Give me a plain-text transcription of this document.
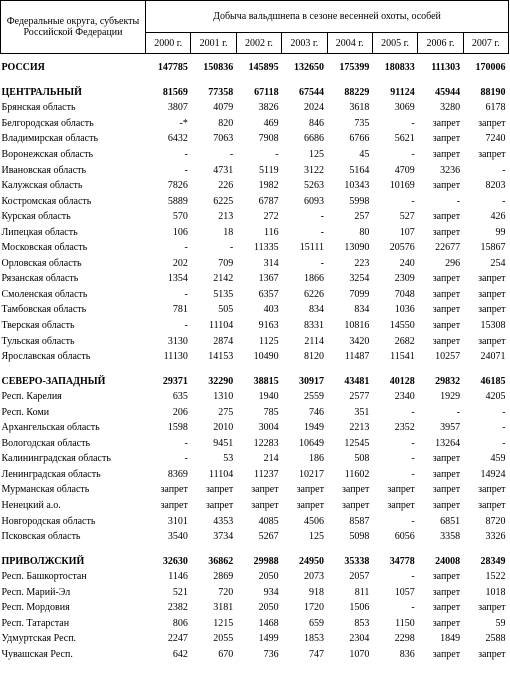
Федеральные округа, субъекты Российской Федерации	Добыча вальдшнепа в сезоне весенней охоты, особей							
	2000 г.	2001 г.	2002 г.	2003 г.	2004 г.	2005 г.	2006 г.	2007 г.

РОССИЯ	147785	150836	145895	132650	175399	180833	111303	170006

ЦЕНТРАЛЬНЫЙ	81569	77358	67118	67544	88229	91124	45944	88190
Брянская область	3807	4079	3826	2024	3618	3069	3280	6178
Белгородская область	-*	820	469	846	735	-	запрет	запрет
Владимирская область	6432	7063	7908	6686	6766	5621	запрет	7240
Воронежская область	-	-	-	125	45	-	запрет	запрет
Ивановская область	-	4731	5119	3122	5164	4709	3236	-
Калужская область	7826	226	1982	5263	10343	10169	запрет	8203
Костромская область	5889	6225	6787	6093	5998	-	-	-
Курская область	570	213	272	-	257	527	запрет	426
Липецкая область	106	18	116	-	80	107	запрет	99
Московская область	-	-	11335	15111	13090	20576	22677	15867
Орловская область	202	709	314	-	223	240	296	254
Рязанская область	1354	2142	1367	1866	3254	2309	запрет	запрет
Смоленская область	-	5135	6357	6226	7099	7048	запрет	запрет
Тамбовская область	781	505	403	834	834	1036	запрет	запрет
Тверская область	-	11104	9163	8331	10816	14550	запрет	15308
Тульская область	3130	2874	1125	2114	3420	2682	запрет	запрет
Ярославская область	11130	14153	10490	8120	11487	11541	10257	24071

СЕВЕРО-ЗАПАДНЫЙ	29371	32290	38815	30917	43481	40128	29832	46185
Респ. Карелия	635	1310	1940	2559	2577	2340	1929	4205
Респ. Коми	206	275	785	746	351	-	-	-
Архангельская область	1598	2010	3004	1949	2213	2352	3957	-
Вологодская область	-	9451	12283	10649	12545	-	13264	-
Калининградская область	-	53	214	186	508	-	запрет	459
Ленинградская область	8369	11104	11237	10217	11602	-	запрет	14924
Мурманская область	запрет	запрет	запрет	запрет	запрет	запрет	запрет	запрет
Ненецкий а.о.	запрет	запрет	запрет	запрет	запрет	запрет	запрет	запрет
Новгородская область	3101	4353	4085	4506	8587	-	6851	8720
Псковская область	3540	3734	5267	125	5098	6056	3358	3326

ПРИВОЛЖСКИЙ	32630	36862	29988	24950	35338	34778	24008	28349
Респ. Башкортостан	1146	2869	2050	2073	2057	-	запрет	1522
Респ. Марий-Эл	521	720	934	918	811	1057	запрет	1018
Респ. Мордовия	2382	3181	2050	1720	1506	-	запрет	запрет
Респ. Татарстан	806	1215	1468	659	853	1150	запрет	59
Удмуртская Респ.	2247	2055	1499	1853	2304	2298	1849	2588
Чувашская Респ.	642	670	736	747	1070	836	запрет	запрет
